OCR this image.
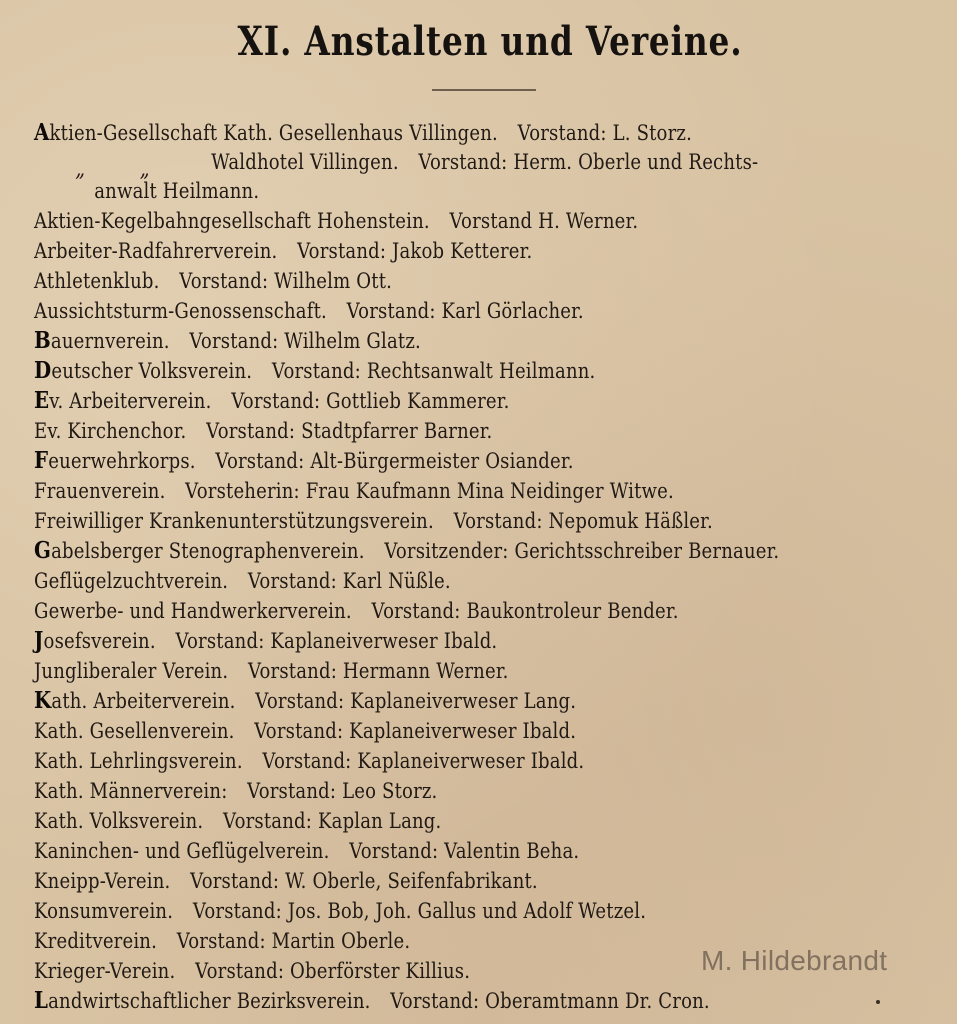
XI. Anstalten und Vereine.
Aktien-Gesellschaft Kath. Gesellenhaus Villingen. Vorstand: L. Storz.
„ „	Waldhotel Villingen. Vorstand: Herm. Oberle und Rechts-
anwalt Heilmann.
Aktien-Kegelbahngesellschaft Hohenstein. Vorstand H. Werner.
Arbeiter-Radfahrerverein. Vorstand: Jakob Ketterer.
Athletenklub. Vorstand: Wilhelm Ott.
Aussichtsturm-Genossenschaft. Vorstand: Karl Görlacher.
Bauernverein. Vorstand: Wilhelm Glatz.
Deutscher Volksverein. Vorstand: Rechtsanwalt Heilmann.
Ev. Arbeiterverein. Vorstand: Gottlieb Kammerer.
Ev. Kirchenchor. Vorstand: Stadtpfarrer Barner.
Feuerwehrkorps. Vorstand: Alt-Bürgermeister Osiander.
Frauenverein. Vorsteherin: Frau Kaufmann Mina Neidinger Witwe.
Freiwilliger Krankenunterstützungsverein. Vorstand: Nepomuk Häßler.
Gabelsberger Stenographenverein. Vorsitzender: Gerichtsschreiber Bernauer.
Geflügelzuchtverein. Vorstand: Karl Nüßle.
Gewerbe- und Handwerkerverein. Vorstand: Baukontroleur Bender.
Josefsverein. Vorstand: Kaplaneiverweser Ibald.
Jungliberaler Verein. Vorstand: Hermann Werner.
Kath. Arbeiterverein. Vorstand: Kaplaneiverweser Lang.
Kath. Gesellenverein. Vorstand: Kaplaneiverweser Ibald.
Kath. Lehrlingsverein. Vorstand: Kaplaneiverweser Ibald.
Kath. Männerverein: Vorstand: Leo Storz.
Kath. Volksverein. Vorstand: Kaplan Lang.
Kaninchen- und Geflügelverein. Vorstand: Valentin Beha.
Kneipp-Verein. Vorstand: W. Oberle, Seifenfabrikant.
Konsumverein. Vorstand: Jos. Bob, Joh. Gallus und Adolf Wetzel.
Kreditverein. Vorstand: Martin Oberle.
Krieger-Verein. Vorstand: Oberförster Killius.
Landwirtschaftlicher Bezirksverein. Vorstand: Oberamtmann Dr. Cron.
M. Hildebrandt
